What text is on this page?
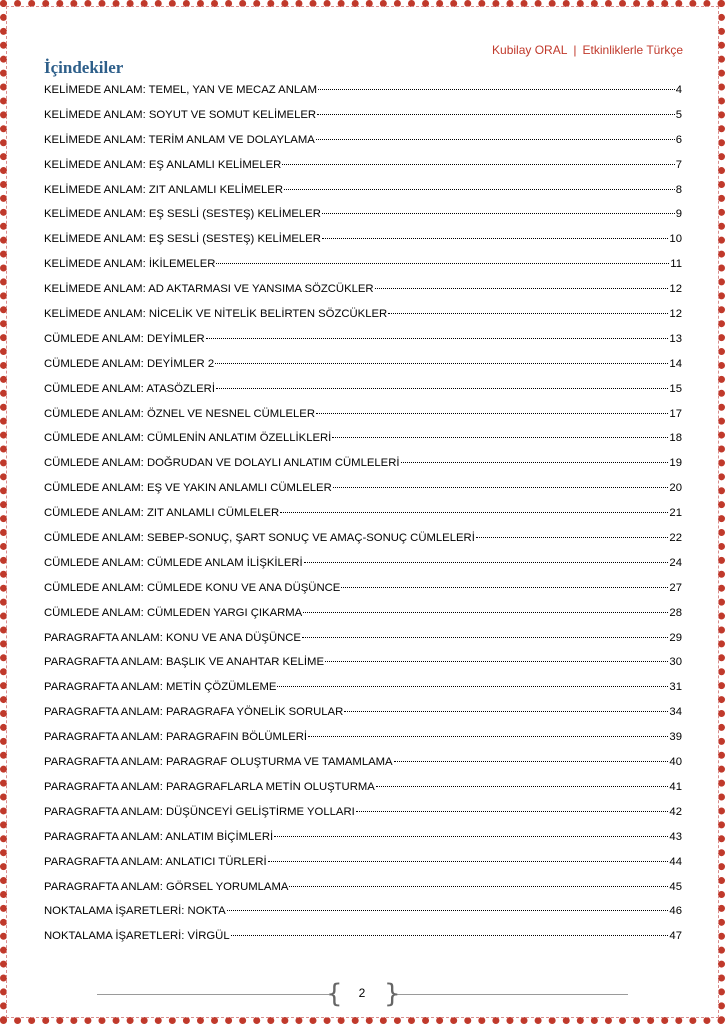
Kubilay ORAL | Etkinliklerle Türkçe
İçindekiler
KELİMEDE ANLAM: TEMEL, YAN VE MECAZ ANLAM	4
KELİMEDE ANLAM: SOYUT VE SOMUT KELİMELER	5
KELİMEDE ANLAM: TERİM ANLAM VE DOLAYLAMA	6
KELİMEDE ANLAM: EŞ ANLAMLI KELİMELER	7
KELİMEDE ANLAM: ZIT ANLAMLI KELİMELER	8
KELİMEDE ANLAM: EŞ SESLİ (SESTEŞ) KELİMELER	9
KELİMEDE ANLAM: EŞ SESLİ (SESTEŞ) KELİMELER	10
KELİMEDE ANLAM: İKİLEMELER	11
KELİMEDE ANLAM: AD AKTARMASI VE YANSIMA SÖZCÜKLER	12
KELİMEDE ANLAM: NİCELİK VE NİTELİK BELİRTEN SÖZCÜKLER	12
CÜMLEDE ANLAM: DEYİMLER	13
CÜMLEDE ANLAM: DEYİMLER 2	14
CÜMLEDE ANLAM: ATASÖZLERİ	15
CÜMLEDE ANLAM: ÖZNEL VE NESNEL CÜMLELER	17
CÜMLEDE ANLAM: CÜMLENİN ANLATIM ÖZELLİKLERİ	18
CÜMLEDE ANLAM: DOĞRUDAN VE DOLAYLI ANLATIM CÜMLELERİ	19
CÜMLEDE ANLAM: EŞ VE YAKIN ANLAMLI CÜMLELER	20
CÜMLEDE ANLAM: ZIT ANLAMLI CÜMLELER	21
CÜMLEDE ANLAM: SEBEP-SONUÇ, ŞART SONUÇ VE AMAÇ-SONUÇ CÜMLELERİ	22
CÜMLEDE ANLAM: CÜMLEDE ANLAM İLİŞKİLERİ	24
CÜMLEDE ANLAM: CÜMLEDE KONU VE ANA DÜŞÜNCE	27
CÜMLEDE ANLAM: CÜMLEDEN YARGI ÇIKARMA	28
PARAGRAFTA ANLAM: KONU VE ANA DÜŞÜNCE	29
PARAGRAFTA ANLAM: BAŞLIK VE ANAHTAR KELİME	30
PARAGRAFTA ANLAM: METİN ÇÖZÜMLEME	31
PARAGRAFTA ANLAM: PARAGRAFA YÖNELİK SORULAR	34
PARAGRAFTA ANLAM: PARAGRAFIN BÖLÜMLERİ	39
PARAGRAFTA ANLAM: PARAGRAF OLUŞTURMA VE TAMAMLAMA	40
PARAGRAFTA ANLAM: PARAGRAFLARLA METİN OLUŞTURMA	41
PARAGRAFTA ANLAM: DÜŞÜNCEYİ GELİŞTİRME YOLLARI	42
PARAGRAFTA ANLAM: ANLATIM BİÇİMLERİ	43
PARAGRAFTA ANLAM: ANLATICI TÜRLERİ	44
PARAGRAFTA ANLAM: GÖRSEL YORUMLAMA	45
NOKTALAMA İŞARETLERİ: NOKTA	46
NOKTALAMA İŞARETLERİ: VİRGÜL	47
{	2 }
